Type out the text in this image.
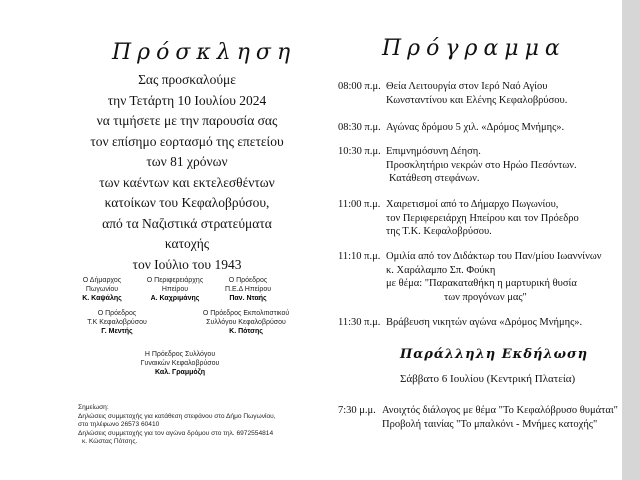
Πρόσκληση
Σας προσκαλούμε
την Τετάρτη 10 Ιουλίου 2024
να τιμήσετε με την παρουσία σας
τον επίσημο εορτασμό της επετείου
των 81 χρόνων
των καέντων και εκτελεσθέντων
κατοίκων του Κεφαλοβρύσου,
από τα Ναζιστικά στρατεύματα
κατοχής
τον Ιούλιο του 1943
Ο Δήμαρχος
Πωγωνίου
Κ. Καψάλης
Ο Περιφερειάρχης
Ηπείρου
Α. Καχριμάνης
Ο Πρόεδρος
Π.Ε.Δ Ηπείρου
Παν. Νταής
Ο Πρόεδρος
Τ.Κ Κεφαλοβρύσου
Γ. Μεντής
Ο Πρόεδρος Εκπολιτιστικού
Συλλόγου Κεφαλοβρύσου
Κ. Πότσης
Η Πρόεδρος Συλλόγου
Γυναικών Κεφαλοβρύσου
Καλ. Γραμμόζη
Σημείωση:
Δηλώσεις συμμετοχής για κατάθεση στεφάνου στο Δήμο Πωγωνίου,
στο τηλέφωνο 26573 60410
Δηλώσεις συμμετοχής για τον αγώνα δρόμου στο τηλ. 6972554814
κ. Κώστας Πότσης.
Πρόγραμμα
08:00 π.μ. Θεία Λειτουργία στον Ιερό Ναό Αγίου
Κωνσταντίνου και Ελένης Κεφαλοβρύσου.
08:30 π.μ. Αγώνας δρόμου 5 χιλ. «Δρόμος Μνήμης».
10:30 π.μ. Επιμνημόσυνη Δέηση.
Προσκλητήριο νεκρών στο Ηρώο Πεσόντων.
Κατάθεση στεφάνων.
11:00 π.μ. Χαιρετισμοί από το Δήμαρχο Πωγωνίου,
τον Περιφερειάρχη Ηπείρου και τον Πρόεδρο
της Τ.Κ. Κεφαλοβρύσου.
11:10 π.μ. Ομιλία από τον Διδάκτωρ του Παν/μίου Ιωαννίνων
κ. Χαράλαμπο Σπ. Φούκη
με θέμα: "Παρακαταθήκη η μαρτυρική θυσία
των προγόνων μας"
11:30 π.μ. Βράβευση νικητών αγώνα «Δρόμος Μνήμης».
Παράλληλη Εκδήλωση
Σάββατο 6 Ιουλίου (Κεντρική Πλατεία)
7:30 μ.μ. Ανοιχτός διάλογος με θέμα "Το Κεφαλόβρυσο θυμάται"
Προβολή ταινίας "Το μπαλκόνι - Μνήμες κατοχής"
